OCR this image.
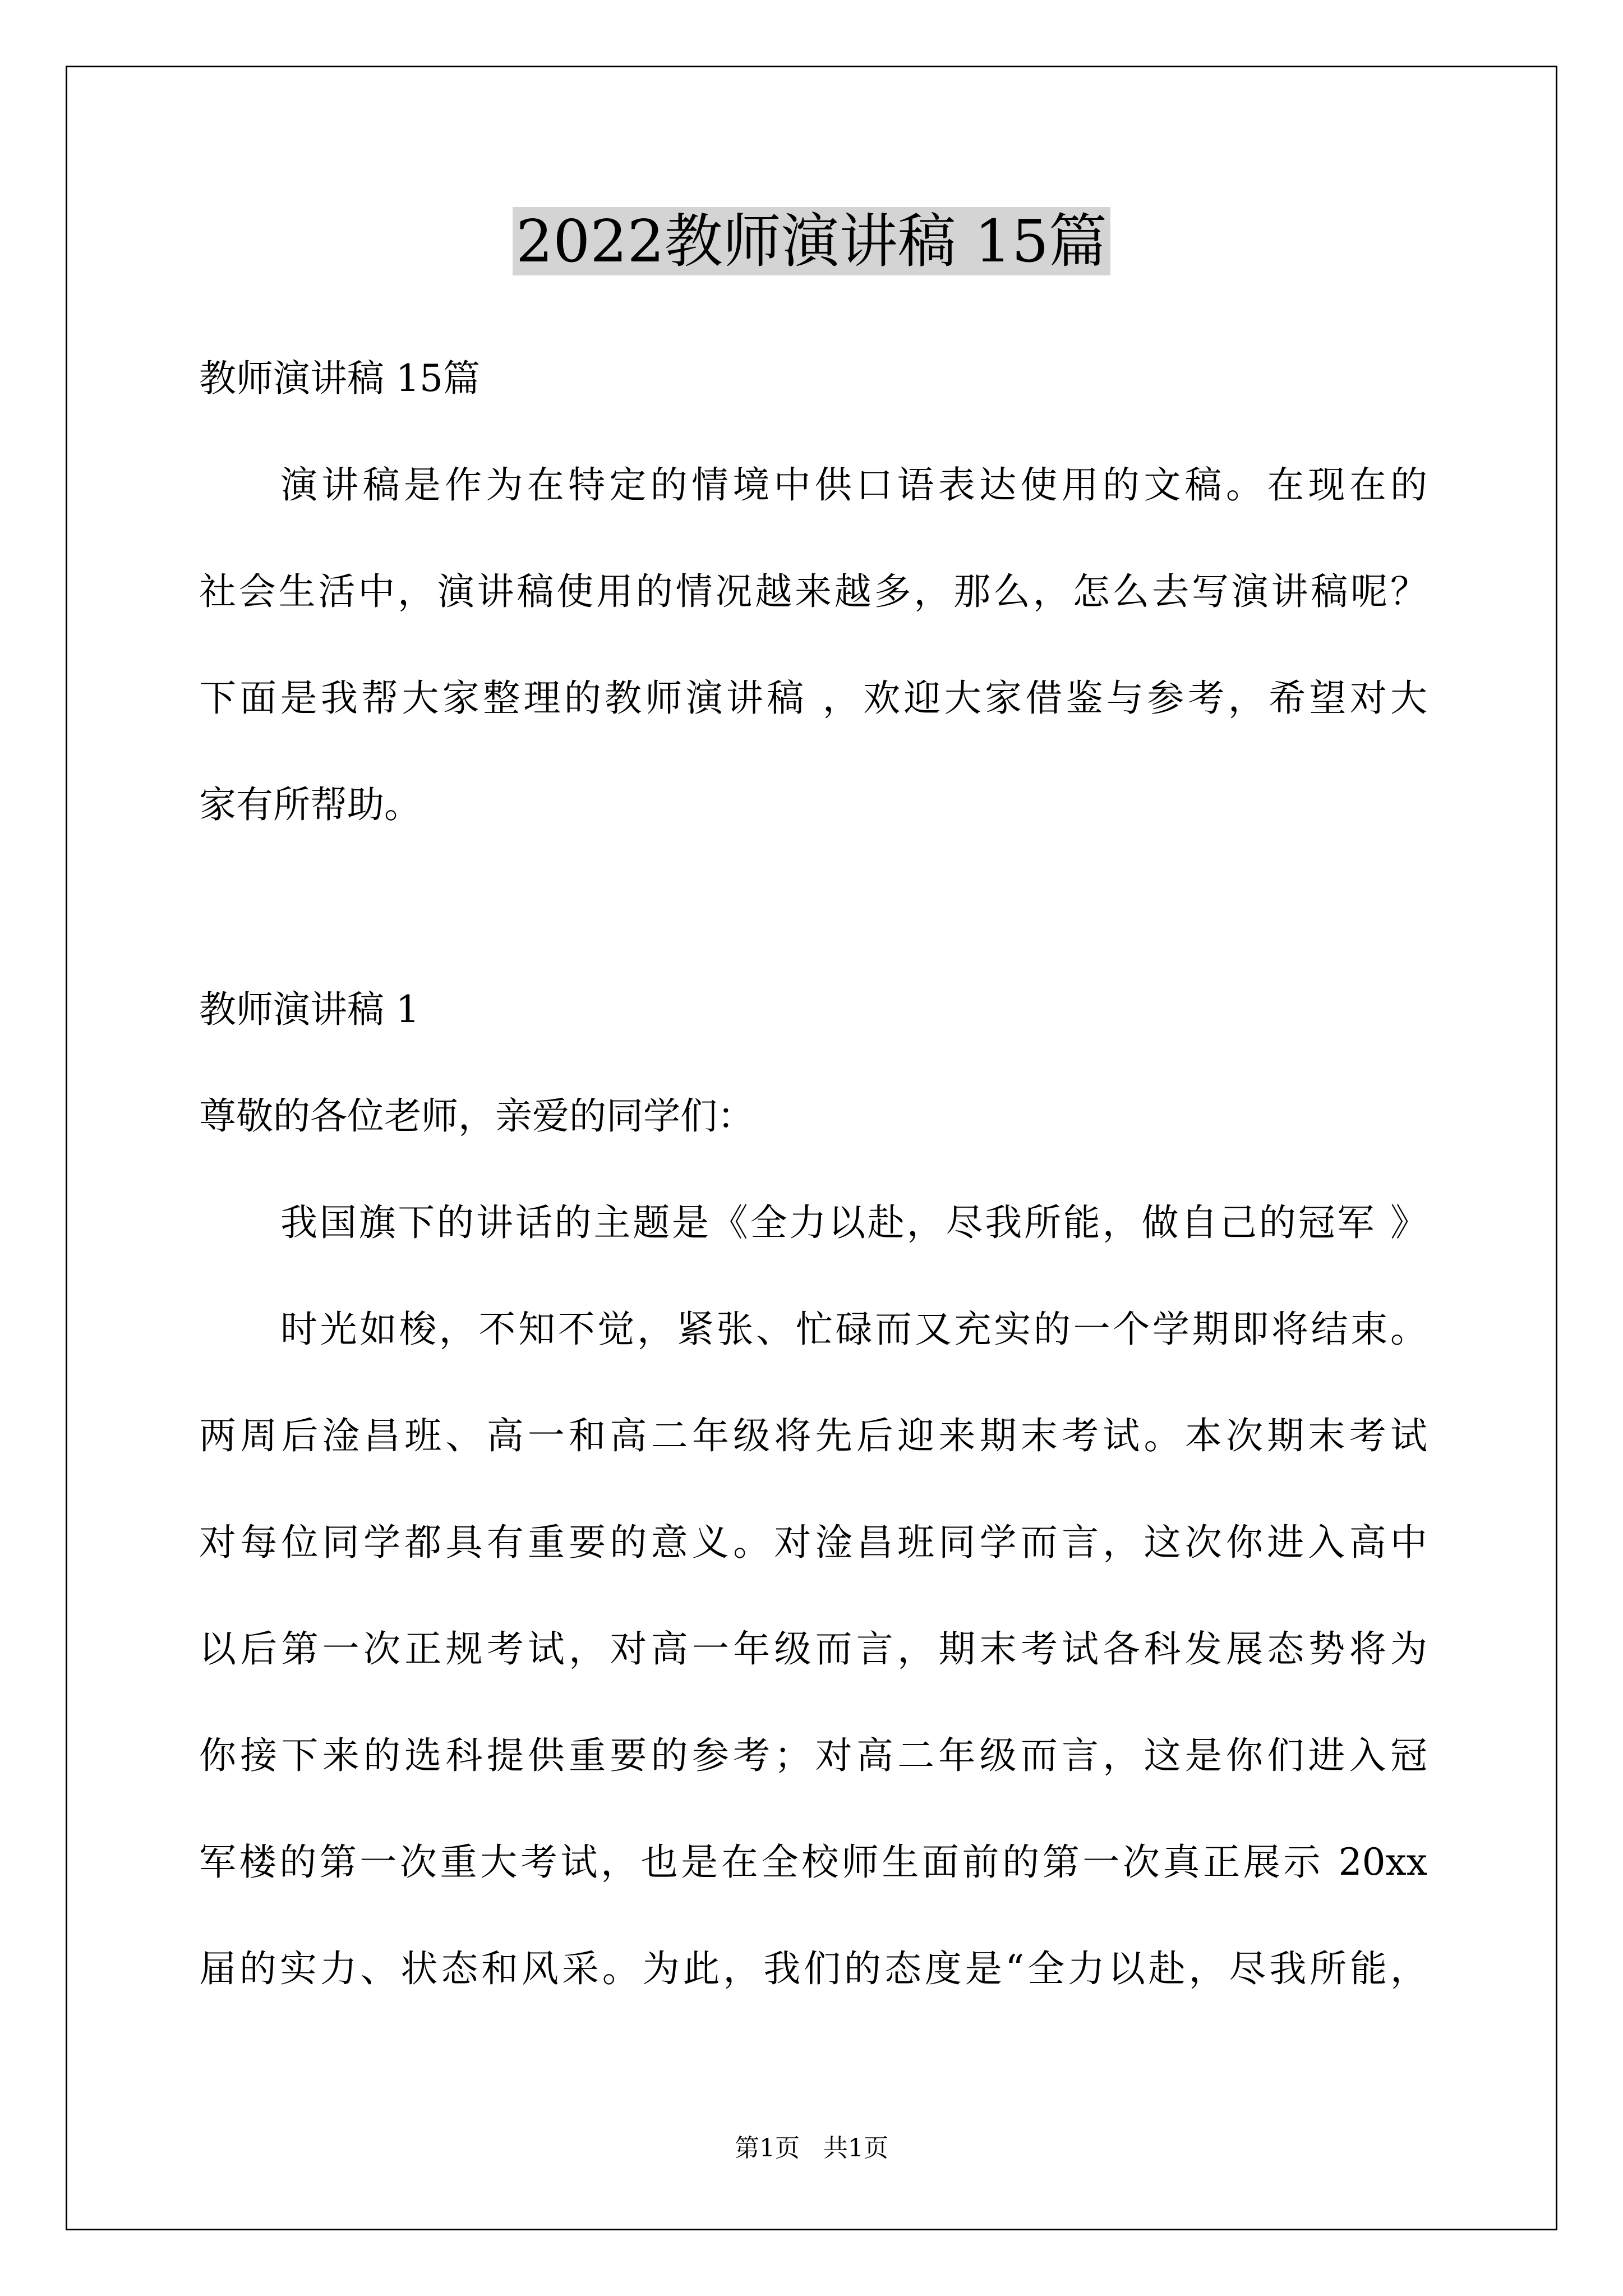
2022教师演讲稿 15篇
教师演讲稿 15篇
演讲稿是作为在特定的情境中供口语表达使用的文稿。在现在的
社会生活中，演讲稿使用的情况越来越多，那么，怎么去写演讲稿呢？
下面是我帮大家整理的教师演讲稿 ，欢迎大家借鉴与参考，希望对大
家有所帮助。
教师演讲稿 1
尊敬的各位老师，亲爱的同学们：
我国旗下的讲话的主题是《全力以赴，尽我所能，做自己的冠军 》
时光如梭，不知不觉，紧张、忙碌而又充实的一个学期即将结束。
两周后淦昌班、高一和高二年级将先后迎来期末考试。本次期末考试
对每位同学都具有重要的意义。对淦昌班同学而言，这次你进入高中
以后第一次正规考试，对高一年级而言，期末考试各科发展态势将为
你接下来的选科提供重要的参考；对高二年级而言，这是你们进入冠
军楼的第一次重大考试，也是在全校师生面前的第一次真正展示 20xx
届的实力、状态和风采。为此，我们的态度是“全力以赴，尽我所能，
第1页   共1页
